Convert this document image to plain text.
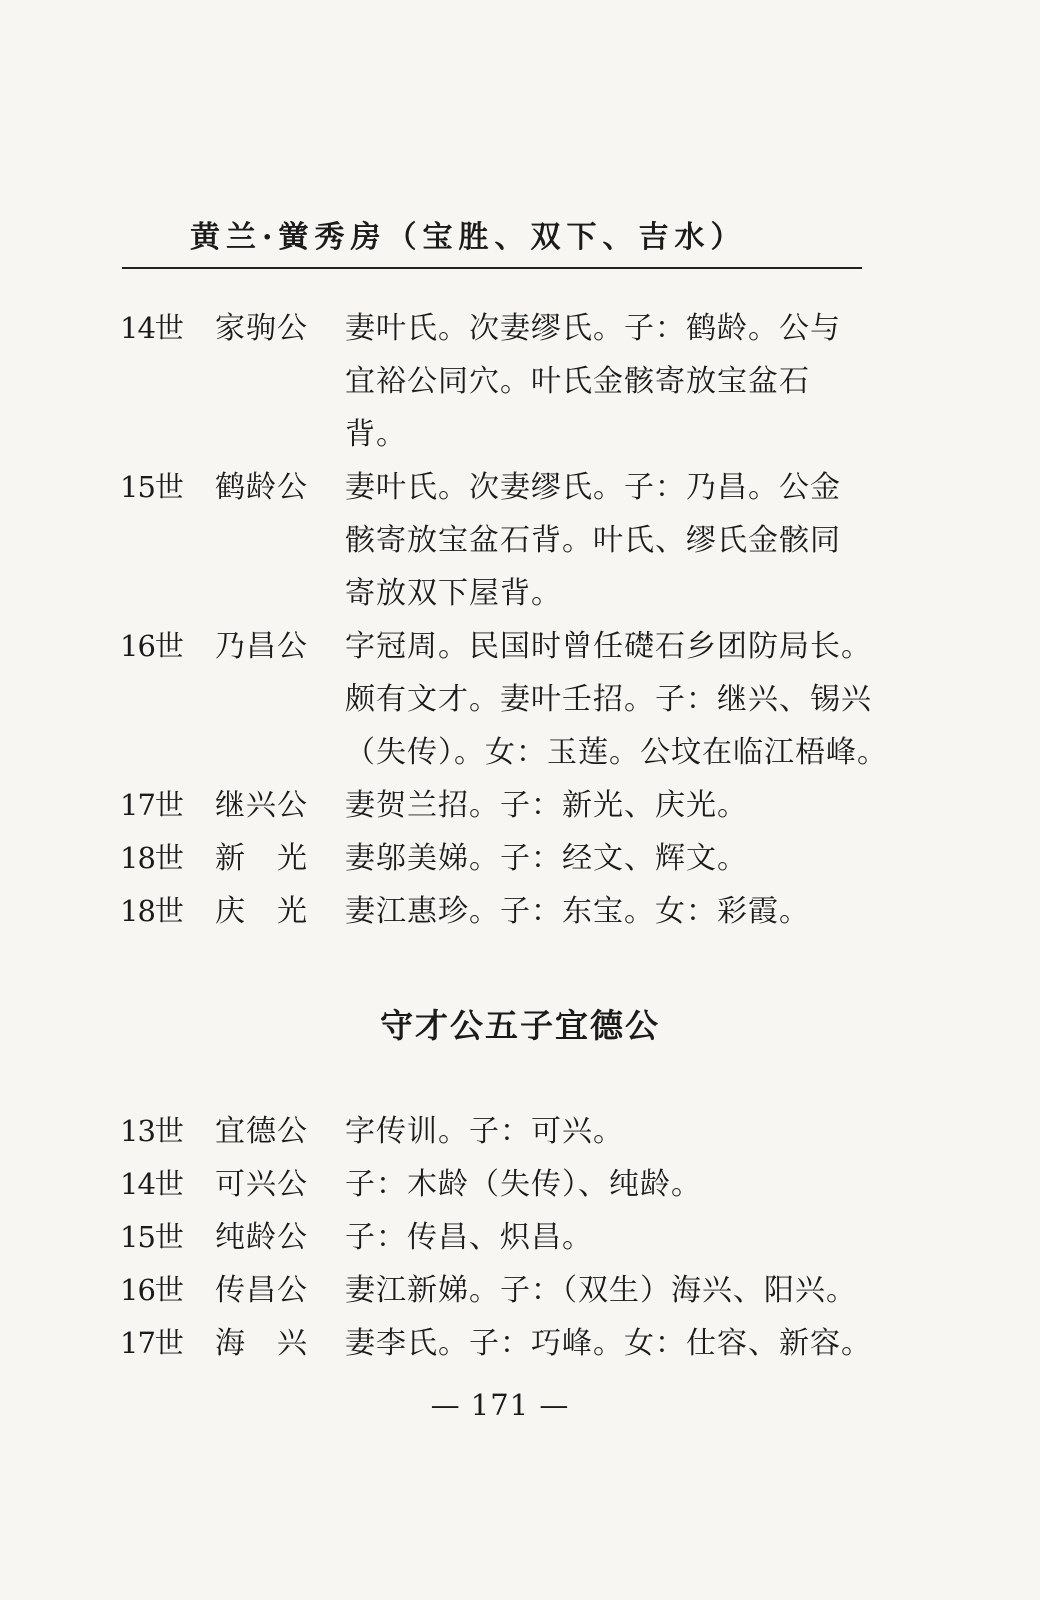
黄兰·黉秀房（宝胜、双下、吉水）
14世	家驹公	妻叶氏。次妻缪氏。子：鹤龄。公与
宜裕公同穴。叶氏金骸寄放宝盆石
背。

15世	鹤龄公	妻叶氏。次妻缪氏。子：乃昌。公金
骸寄放宝盆石背。叶氏、缪氏金骸同
寄放双下屋背。

16世	乃昌公	字冠周。民国时曾任礎石乡团防局长。
颇有文才。妻叶壬招。子：继兴、锡兴
（失传）。女：玉莲。公坟在临江梧峰。

17世	继兴公	妻贺兰招。子：新光、庆光。

18世	新　光	妻邬美娣。子：经文、辉文。

18世	庆　光	妻江惠珍。子：东宝。女：彩霞。

守才公五子宜德公
13世	宜德公	字传训。子：可兴。

14世	可兴公	子：木龄（失传）、纯龄。

15世	纯龄公	子：传昌、炽昌。

16世	传昌公	妻江新娣。子：（双生）海兴、阳兴。

17世	海　兴	妻李氏。子：巧峰。女：仕容、新容。

— 171 —
